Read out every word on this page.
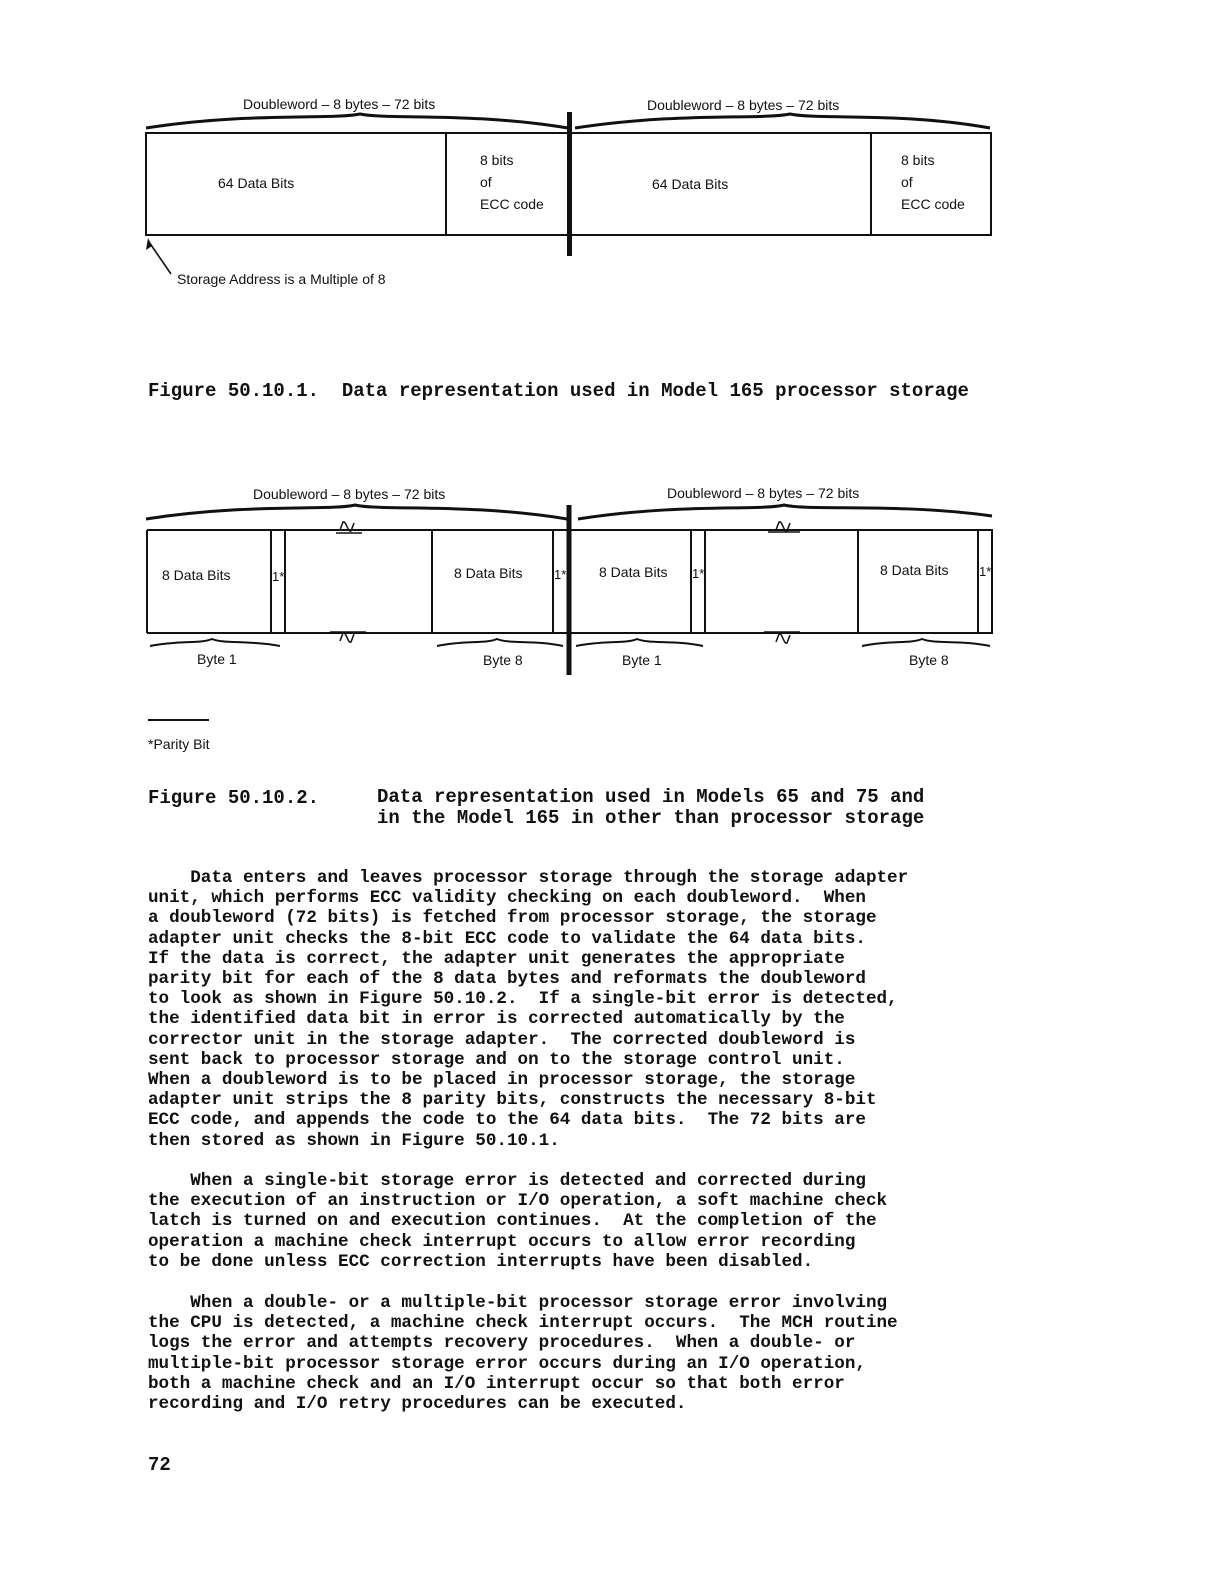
Doubleword – 8 bytes – 72 bits	Doubleword – 8 bytes – 72 bits
64 Data Bits
8 bits
of
ECC code
64 Data Bits
8 bits
of
ECC code
Storage Address is a Multiple of 8
Figure 50.10.1.  Data representation used in Model 165 processor storage
Doubleword – 8 bytes – 72 bits	Doubleword – 8 bytes – 72 bits
8 Data Bits	1*	8 Data Bits 1* 8 Data Bits 1*	8 Data Bits 1*
Byte 1	Byte 8	Byte 1	Byte 8
*Parity Bit
Figure 50.10.2.	Data representation used in Models 65 and 75 and
in the Model 165 in other than processor storage

Data enters and leaves processor storage through the storage adapter
unit, which performs ECC validity checking on each doubleword.  When
a doubleword (72 bits) is fetched from processor storage, the storage
adapter unit checks the 8-bit ECC code to validate the 64 data bits.
If the data is correct, the adapter unit generates the appropriate
parity bit for each of the 8 data bytes and reformats the doubleword
to look as shown in Figure 50.10.2.  If a single-bit error is detected,
the identified data bit in error is corrected automatically by the
corrector unit in the storage adapter.  The corrected doubleword is
sent back to processor storage and on to the storage control unit.
When a doubleword is to be placed in processor storage, the storage
adapter unit strips the 8 parity bits, constructs the necessary 8-bit
ECC code, and appends the code to the 64 data bits.  The 72 bits are
then stored as shown in Figure 50.10.1.

When a single-bit storage error is detected and corrected during
the execution of an instruction or I/O operation, a soft machine check
latch is turned on and execution continues.  At the completion of the
operation a machine check interrupt occurs to allow error recording
to be done unless ECC correction interrupts have been disabled.

When a double- or a multiple-bit processor storage error involving
the CPU is detected, a machine check interrupt occurs.  The MCH routine
logs the error and attempts recovery procedures.  When a double- or
multiple-bit processor storage error occurs during an I/O operation,
both a machine check and an I/O interrupt occur so that both error
recording and I/O retry procedures can be executed.

72
